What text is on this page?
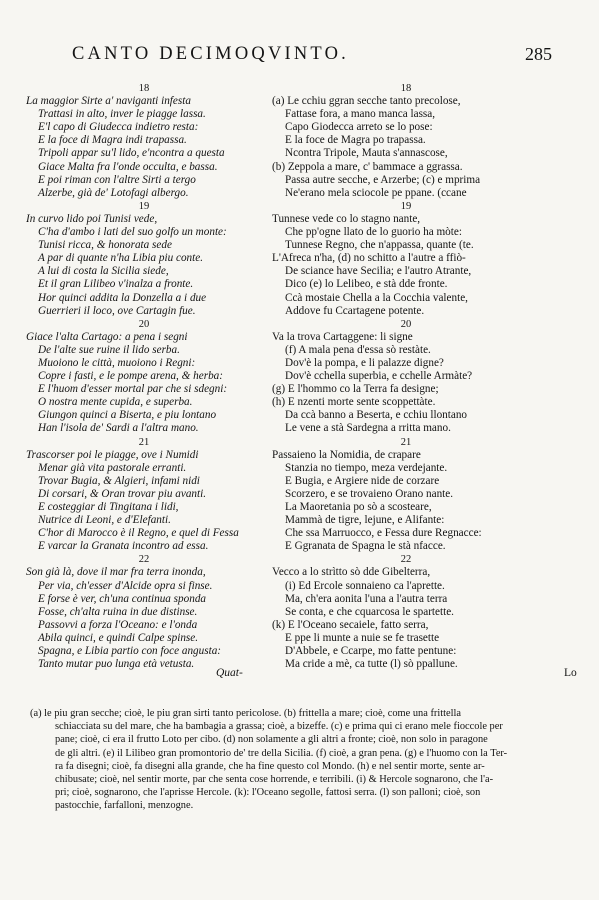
CANTO DECIMOQVINTO.	285
18
La maggior Sirte a' naviganti infesta
Trattasi in alto, inver le piagge lassa.
E'l capo di Giudecca indietro resta:
E la foce di Magra indi trapassa.
Tripoli appar su'l lido, e'ncontra a questa
Giace Malta fra l'onde occulta, e bassa.
E poi riman con l'altre Sirti a tergo
Alzerbe, già de' Lotofagi albergo.
19
In curvo lido poi Tunisi vede,
C'ha d'ambo i lati del suo golfo un monte:
Tunisi ricca, & honorata sede
A par di quante n'ha Libia piu conte.
A lui di costa la Sicilia siede,
Et il gran Lilibeo v'inalza a fronte.
Hor quinci addita la Donzella a i due
Guerrieri il loco, ove Cartagin fue.
20
Giace l'alta Cartago: a pena i segni
De l'alte sue ruine il lido serba.
Muoiono le città, muoiono i Regni:
Copre i fasti, e le pompe arena, & herba:
E l'huom d'esser mortal par che si sdegni:
O nostra mente cupida, e superba.
Giungon quinci a Biserta, e piu lontano
Han l'isola de' Sardi a l'altra mano.
21
Trascorser poi le piagge, ove i Numidi
Menar già vita pastorale erranti.
Trovar Bugia, & Algieri, infami nidi
Di corsari, & Oran trovar piu avanti.
E costeggiar di Tingitana i lidi,
Nutrice di Leoni, e d'Elefanti.
C'hor di Marocco è il Regno, e quel di Fessa
E varcar la Granata incontro ad essa.
22
Son già là, dove il mar fra terra inonda,
Per via, ch'esser d'Alcide opra si finse.
E forse è ver, ch'una continua sponda
Fosse, ch'alta ruina in due distinse.
Passovvi a forza l'Oceano: e l'onda
Abila quinci, e quindi Calpe spinse.
Spagna, e Libia partio con foce angusta:
Tanto mutar puo lunga età vetusta.
18
(a) Le cchiu ggran secche tanto precolose,
Fattase fora, a mano manca lassa,
Capo Giodecca arreto se lo pose:
E la foce de Magra po trapassa.
Ncontra Tripole, Mauta s'annascose,
(b) Zeppola a mare, c' bammace a ggrassa.
Passa autre secche, e Arzerbe; (c) e mprima
Ne'erano mela sciocole pe ppane. (ccane
19
Tunnese vede co lo stagno nante,
Che pp'ogne llato de lo guorio ha mòte:
Tunnese Regno, che n'appassa, quante (te.
L'Afreca n'ha, (d) no schitto a l'autre a ffiò-
De sciance have Secilia; e l'autro Atrante,
Dico (e) lo Lelibeo, e stà dde fronte.
Ccà mostaie Chella a la Cocchia valente,
Addove fu Ccartagene potente.
20
Va la trova Cartaggene: li signe
(f) A mala pena d'essa sò restàte.
Dov'è la pompa, e li palazze digne?
Dov'è cchella superbia, e cchelle Armàte?
(g) E l'hommo co la Terra fa designe;
(h) E nzenti morte sente scoppettàte.
Da ccà banno a Beserta, e cchiu llontano
Le vene a stà Sardegna a rritta mano.
21
Passaieno la Nomidia, de crapare
Stanzia no tiempo, meza verdejante.
E Bugia, e Argiere nide de corzare
Scorzero, e se trovaieno Orano nante.
La Maoretania po sò a scosteare,
Mammà de tigre, lejune, e Alifante:
Che ssa Marruocco, e Fessa dure Regnacce:
E Ggranata de Spagna le stà nfacce.
22
Vecco a lo strìtto sò dde Gibelterra,
(i) Ed Ercole sonnaieno ca l'aprette.
Ma, ch'era aonita l'una a l'autra terra
Se conta, e che cquarcosa le spartette.
(k) E l'Oceano secaiele, fatto serra,
E ppe li munte a nuie se fe trasette
D'Abbele, e Ccarpe, mo fatte pentune:
Ma cride a mè, ca tutte (l) sò ppallune.
Quat-	Lo
(a) le piu gran secche; cioè, le piu gran sirti tanto pericolose. (b) frittella a mare; cioè, come una frittella
schiacciata su del mare, che ha bambagia a grassa; cioè, a bizeffe. (c) e prima qui ci erano mele fioccole per
pane; cioè, ci era il frutto Loto per cibo. (d) non solamente a gli altri a fronte; cioè, non solo in paragone
de gli altri. (e) il Lilibeo gran promontorio de' tre della Sicilia. (f) cioè, a gran pena. (g) e l'huomo con la Ter-
ra fa disegni; cioè, fa disegni alla grande, che ha fine questo col Mondo. (h) e nel sentir morte, sente ar-
chibusate; cioè, nel sentir morte, par che senta cose horrende, e terribili. (i) & Hercole sognarono, che l'a-
pri; cioè, sognarono, che l'aprisse Hercole. (k): l'Oceano segolle, fattosi serra. (l) son palloni; cioè, son
pastocchie, farfalloni, menzogne.
